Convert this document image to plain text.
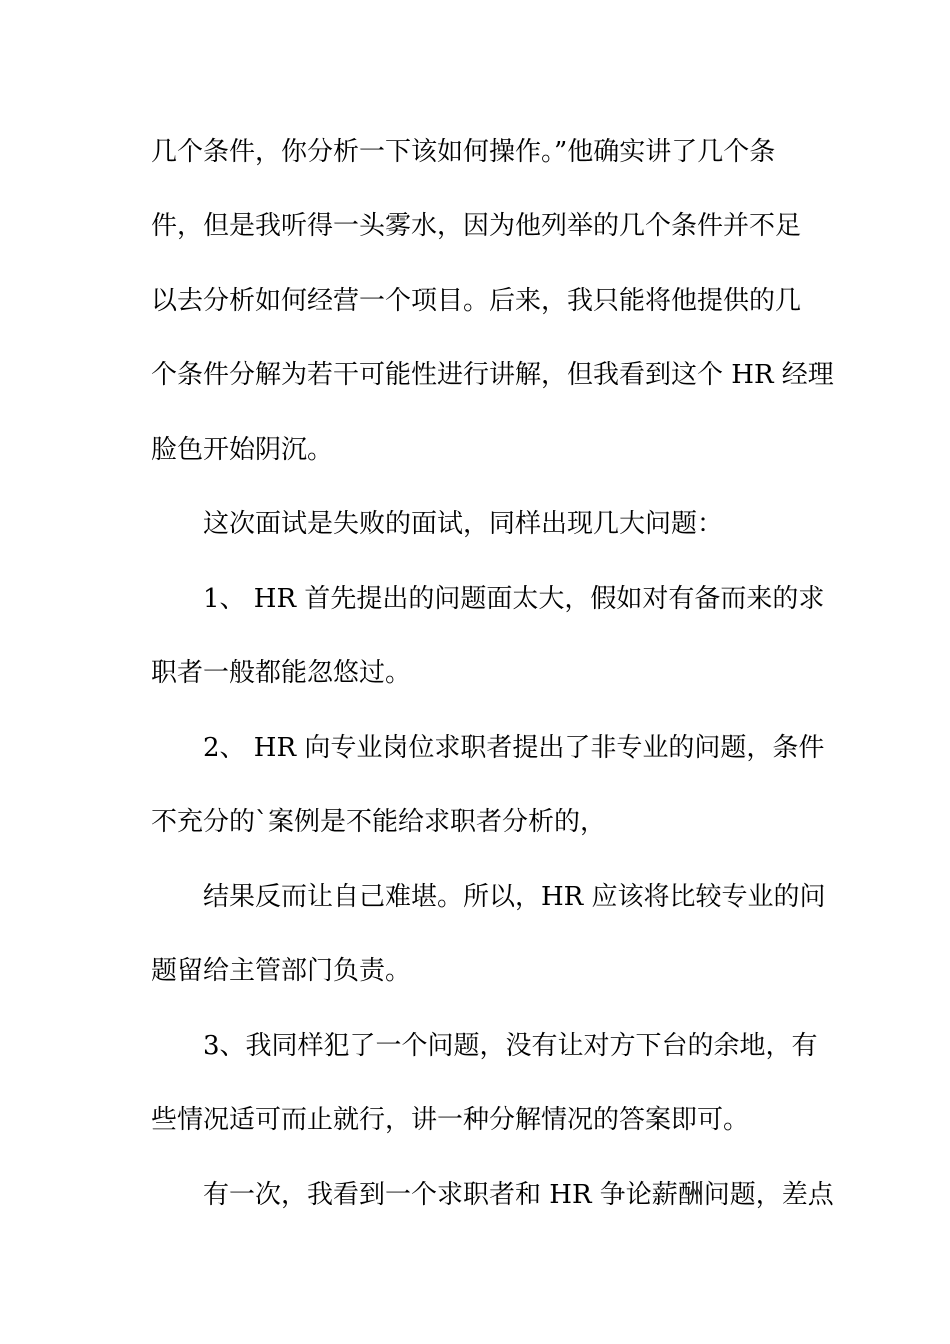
几个条件，你分析一下该如何操作。”他确实讲了几个条
件，但是我听得一头雾水，因为他列举的几个条件并不足
以去分析如何经营一个项目。后来，我只能将他提供的几
个条件分解为若干可能性进行讲解，但我看到这个 HR 经理
脸色开始阴沉。
这次面试是失败的面试，同样出现几大问题：
1、 HR 首先提出的问题面太大，假如对有备而来的求
职者一般都能忽悠过。
2、 HR 向专业岗位求职者提出了非专业的问题，条件
不充分的`案例是不能给求职者分析的，
结果反而让自己难堪。所以，HR 应该将比较专业的问
题留给主管部门负责。
3、我同样犯了一个问题，没有让对方下台的余地，有
些情况适可而止就行，讲一种分解情况的答案即可。
有一次，我看到一个求职者和 HR 争论薪酬问题，差点
